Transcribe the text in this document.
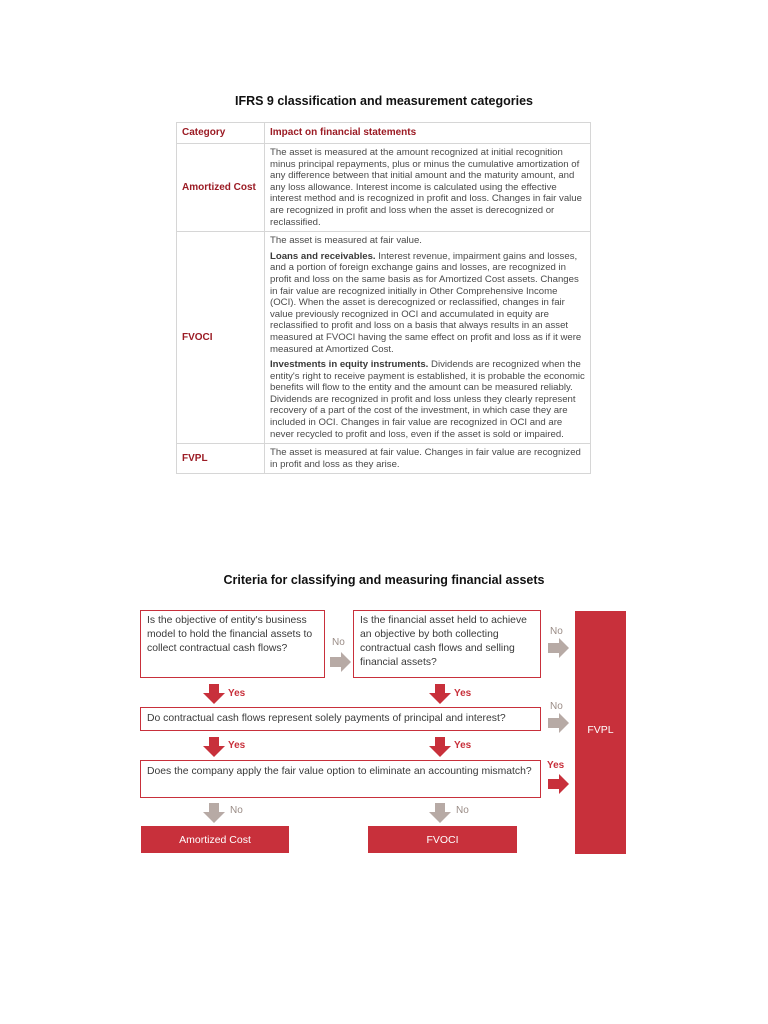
IFRS 9 classification and measurement categories
Category	Impact on financial statements
Amortized Cost	The asset is measured at the amount recognized at initial recognition minus principal repayments, plus or minus the cumulative amortization of any difference between that initial amount and the maturity amount, and any loss allowance. Interest income is calculated using the effective interest method and is recognized in profit and loss. Changes in fair value are recognized in profit and loss when the asset is derecognized or reclassified.

FVOCI	The asset is measured at fair value.
Loans and receivables. Interest revenue, impairment gains and losses, and a portion of foreign exchange gains and losses, are recognized in profit and loss on the same basis as for Amortized Cost assets. Changes in fair value are recognized initially in Other Comprehensive Income (OCI). When the asset is derecognized or reclassified, changes in fair value previously recognized in OCI and accumulated in equity are reclassified to profit and loss on a basis that always results in an asset measured at FVOCI having the same effect on profit and loss as if it were measured at Amortized Cost.
Investments in equity instruments. Dividends are recognized when the entity's right to receive payment is established, it is probable the economic benefits will flow to the entity and the amount can be measured reliably. Dividends are recognized in profit and loss unless they clearly represent recovery of a part of the cost of the investment, in which case they are included in OCI. Changes in fair value are recognized in OCI and are never recycled to profit and loss, even if the asset is sold or impaired.

FVPL	The asset is measured at fair value. Changes in fair value are recognized in profit and loss as they arise.
Criteria for classifying and measuring financial assets
Is the objective of entity's business model to hold the financial assets to collect contractual cash flows?
Is the financial asset held to achieve an objective by both collecting contractual cash flows and selling financial assets?
Do contractual cash flows represent solely payments of principal and interest?
Does the company apply the fair value option to eliminate an accounting mismatch?
Amortized Cost	FVOCI
FVPL
No
No
No
Yes
Yes	Yes
Yes	Yes
No	No
